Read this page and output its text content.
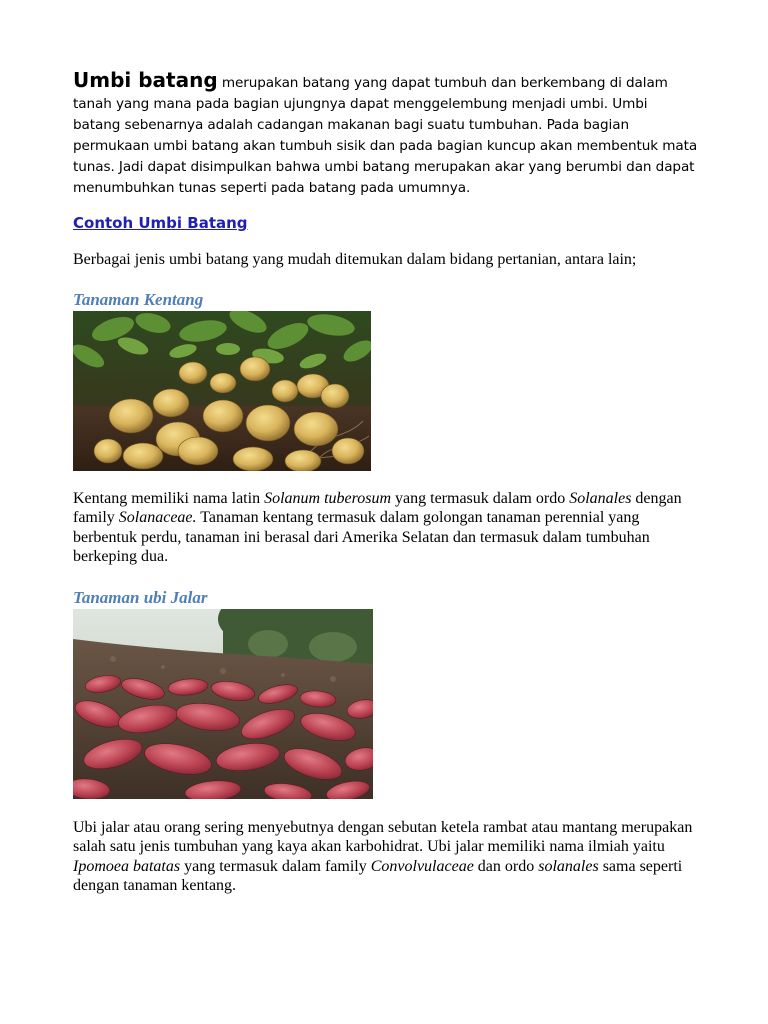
Umbi batang merupakan batang yang dapat tumbuh dan berkembang di dalam tanah yang mana pada bagian ujungnya dapat menggelembung menjadi umbi. Umbi batang sebenarnya adalah cadangan makanan bagi suatu tumbuhan. Pada bagian permukaan umbi batang akan tumbuh sisik dan pada bagian kuncup akan membentuk mata tunas. Jadi dapat disimpulkan bahwa umbi batang merupakan akar yang berumbi dan dapat menumbuhkan tunas seperti pada batang pada umumnya.

Contoh Umbi Batang

Berbagai jenis umbi batang yang mudah ditemukan dalam bidang pertanian, antara lain;

Tanaman Kentang

Kentang memiliki nama latin Solanum tuberosum yang termasuk dalam ordo Solanales dengan family Solanaceae. Tanaman kentang termasuk dalam golongan tanaman perennial yang berbentuk perdu, tanaman ini berasal dari Amerika Selatan dan termasuk dalam tumbuhan berkeping dua.

Tanaman ubi Jalar

Ubi jalar atau orang sering menyebutnya dengan sebutan ketela rambat atau mantang merupakan salah satu jenis tumbuhan yang kaya akan karbohidrat. Ubi jalar memiliki nama ilmiah yaitu Ipomoea batatas yang termasuk dalam family Convolvulaceae dan ordo solanales sama seperti dengan tanaman kentang.
